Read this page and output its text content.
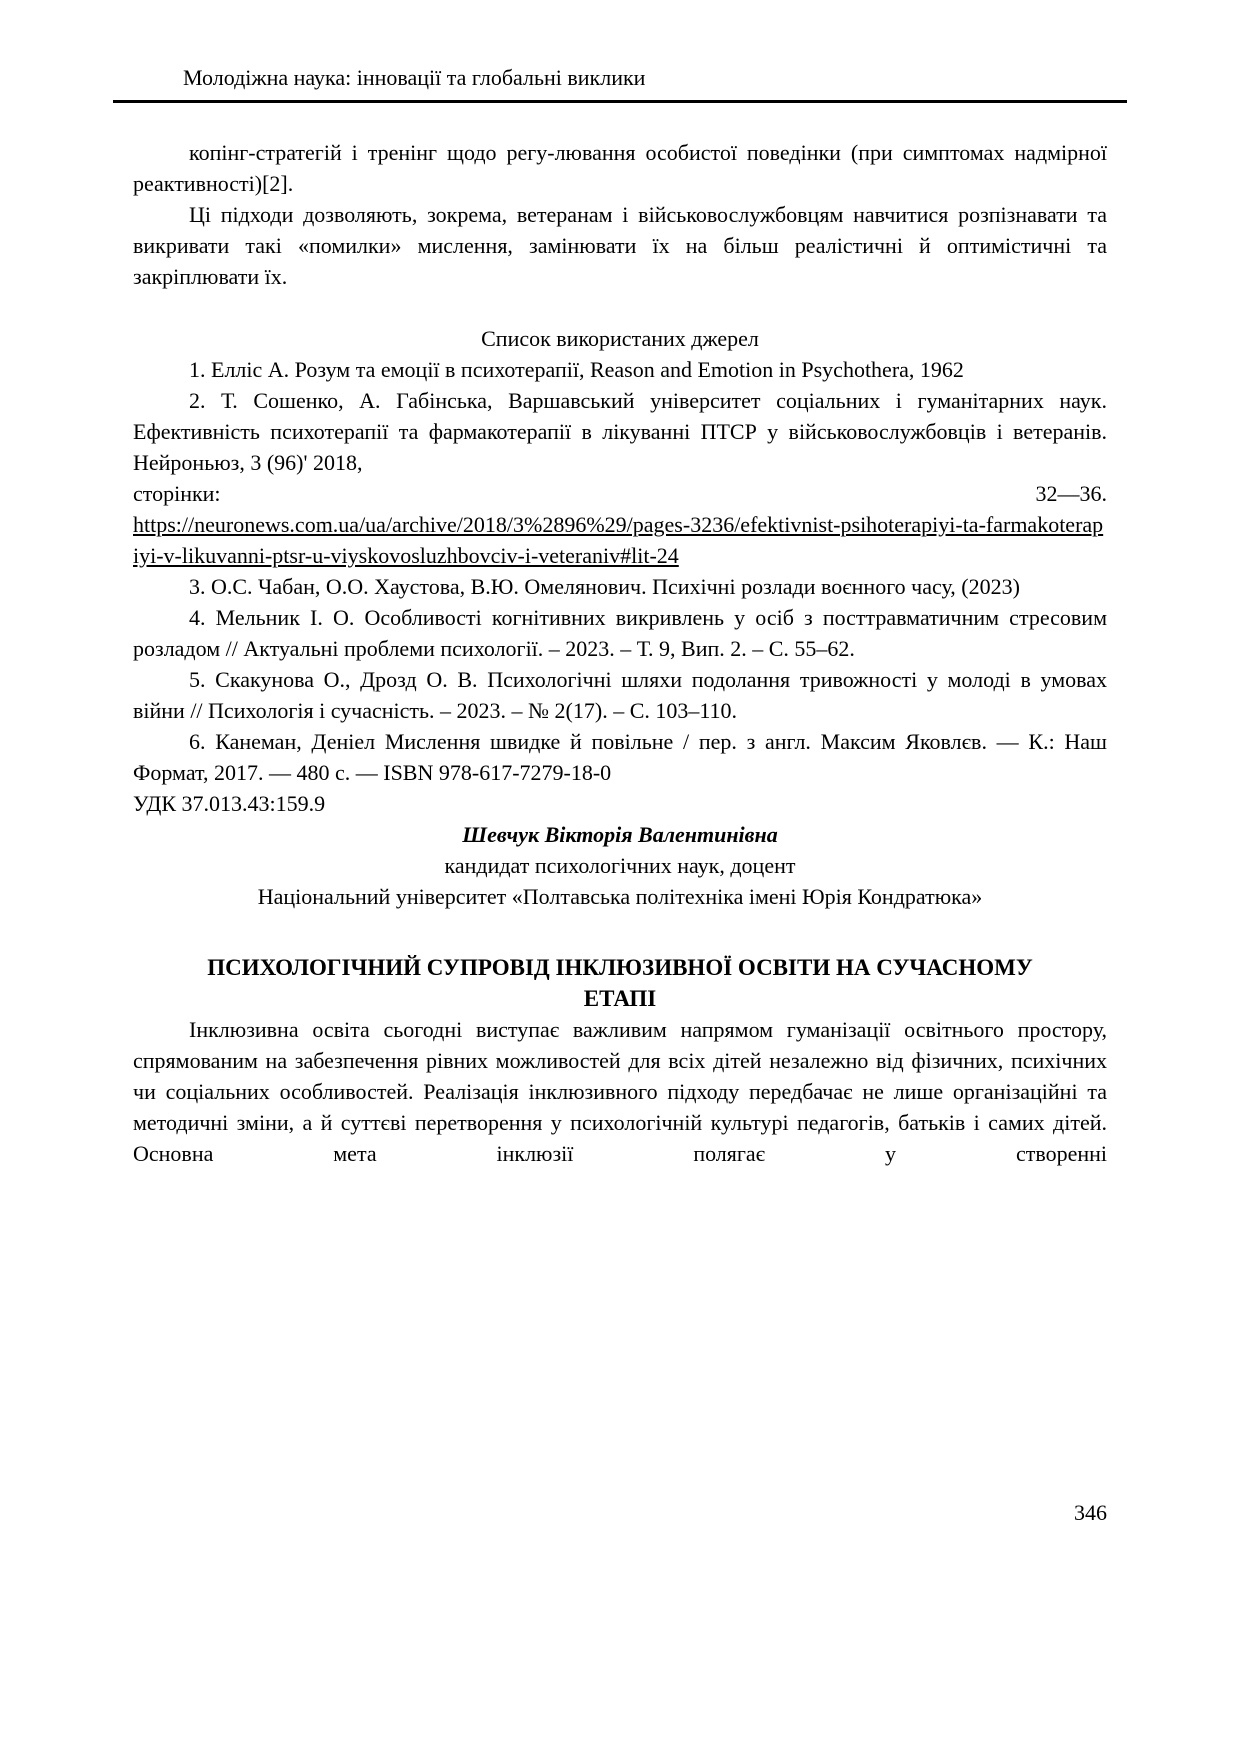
Молодіжна наука: інновації та глобальні виклики

копінг-стратегій і тренінг щодо регу-лювання особистої поведінки (при симптомах надмірної реактивності)[2].

Ці підходи дозволяють, зокрема, ветеранам і військовослужбовцям навчитися розпізнавати та викривати такі «помилки» мислення, замінювати їх на більш реалістичні й оптимістичні та закріплювати їх.

Список використаних джерел

1. Елліс А. Розум та емоції в психотерапії, Reason and Emotion in Psychothera, 1962

2. Т. Сошенко, А. Габінська, Варшавський університет соціальних і гуманітарних наук. Ефективність психотерапії та фармакотерапії в лікуванні ПТСР у військовослужбовців і ветеранів. Нейроньюз, 3 (96)' 2018,

сторінки:	32—36.
https://neuronews.com.ua/ua/archive/2018/3%2896%29/pages-3236/efektivnist-psihoterapiyi-ta-farmakoterapiyi-v-likuvanni-ptsr-u-viyskovosluzhbovciv-i-veteraniv#lit-24

3. О.С. Чабан, О.О. Хаустова, В.Ю. Омелянович. Психічні розлади воєнного часу, (2023)

4. Мельник І. О. Особливості когнітивних викривлень у осіб з посттравматичним стресовим розладом // Актуальні проблеми психології. – 2023. – Т. 9, Вип. 2. – С. 55–62.

5. Скакунова О., Дрозд О. В. Психологічні шляхи подолання тривожності у молоді в умовах війни // Психологія і сучасність. – 2023. – № 2(17). – С. 103–110.

6. Канеман, Деніел Мислення швидке й повільне / пер. з англ. Максим Яковлєв. — К.: Наш Формат, 2017. — 480 с. — ISBN 978-617-7279-18-0

УДК 37.013.43:159.9

Шевчук Вікторія Валентинівна

кандидат психологічних наук, доцент

Національний університет «Полтавська політехніка імені Юрія Кондратюка»

ПСИХОЛОГІЧНИЙ СУПРОВІД ІНКЛЮЗИВНОЇ ОСВІТИ НА СУЧАСНОМУ ЕТАПІ

Інклюзивна освіта сьогодні виступає важливим напрямом гуманізації освітнього простору, спрямованим на забезпечення рівних можливостей для всіх дітей незалежно від фізичних, психічних чи соціальних особливостей. Реалізація інклюзивного підходу передбачає не лише організаційні та методичні зміни, а й суттєві перетворення у психологічній культурі педагогів, батьків і самих дітей. Основна мета інклюзії полягає у створенні

346
